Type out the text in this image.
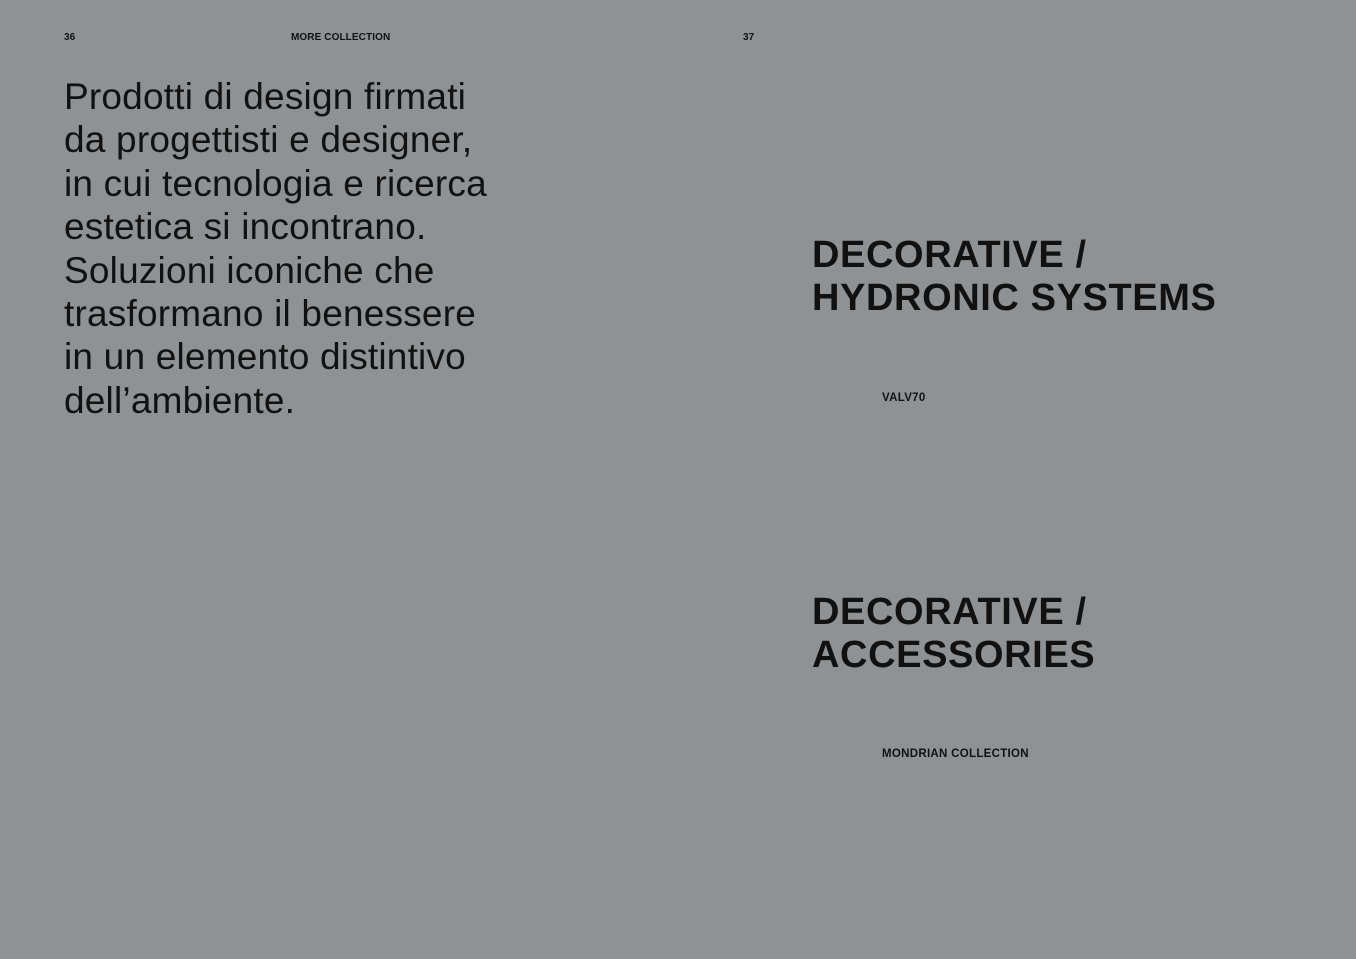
36	MORE COLLECTION	37

Prodotti di design firmati
da progettisti e designer,
in cui tecnologia e ricerca
estetica si incontrano.
Soluzioni iconiche che
trasformano il benessere
in un elemento distintivo
dell’ambiente.

DECORATIVE /
HYDRONIC SYSTEMS
VALV70
DECORATIVE /
ACCESSORIES
MONDRIAN COLLECTION
